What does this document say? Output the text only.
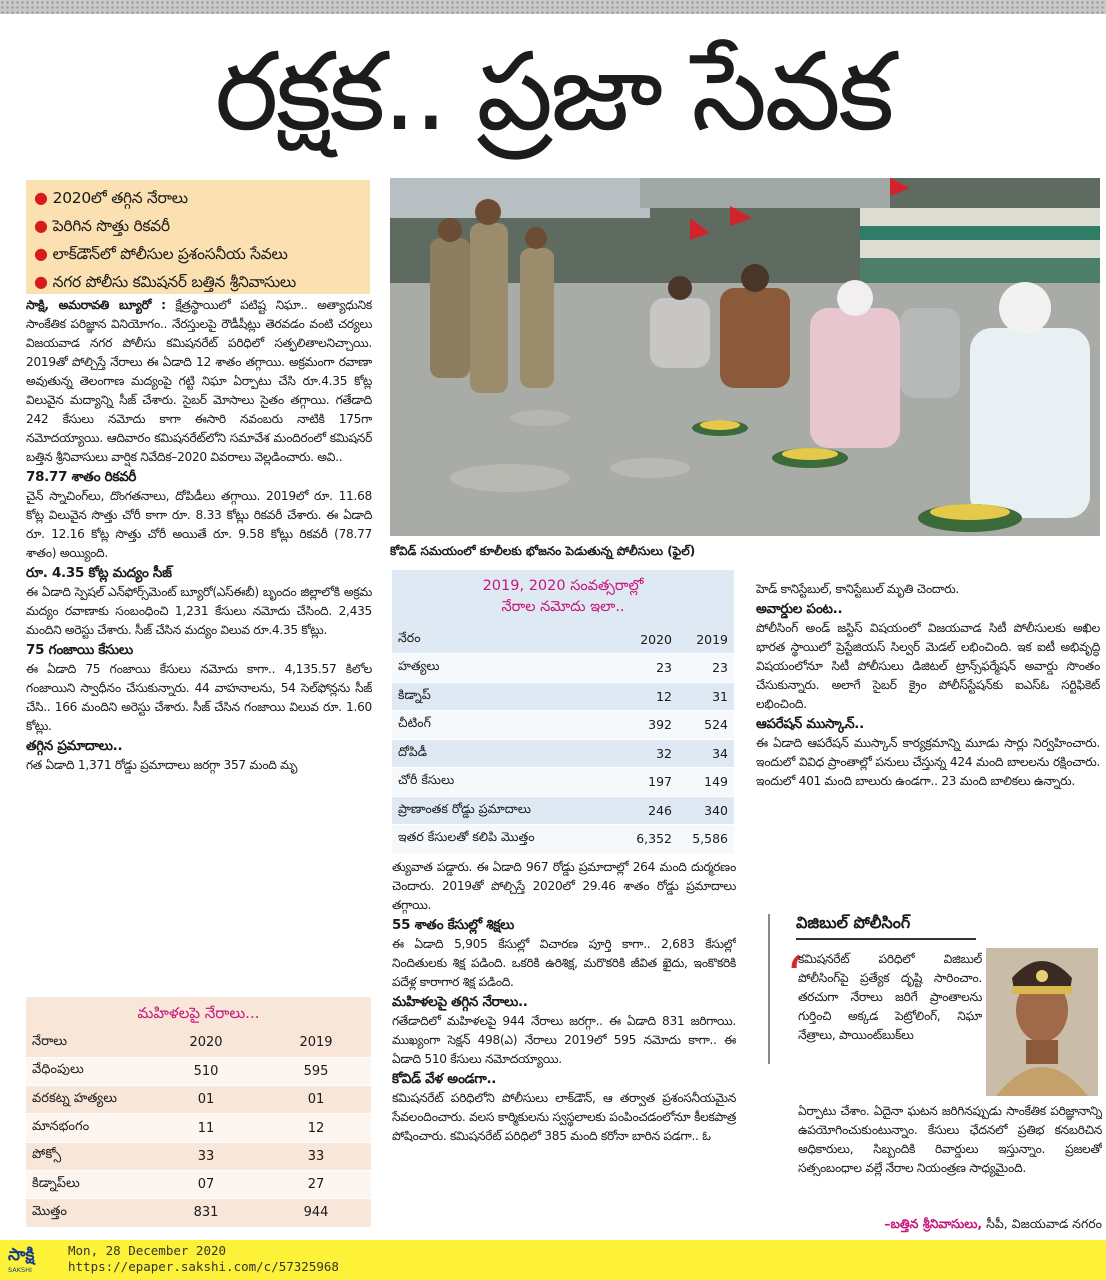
రక్షక.. ప్రజా సేవక
● 2020లో తగ్గిన నేరాలు
● పెరిగిన సొత్తు రికవరీ
● లాక్‌డౌన్‌లో పోలీసుల ప్రశంసనీయ సేవలు
● నగర పోలీసు కమిషనర్ బత్తిన శ్రీనివాసులు

సాక్షి, అమరావతి బ్యూరో : క్షేత్రస్థాయిలో పటిష్ట నిఘా.. అత్యాధునిక సాంకేతిక పరిజ్ఞాన వినియోగం.. నేరస్తులపై రౌడీషీట్లు తెరవడం వంటి చర్యలు విజయవాడ నగర పోలీసు కమిషనరేట్ పరిధిలో సత్ఫలితాలనిచ్చాయి. 2019తో పోల్చిస్తే నేరాలు ఈ ఏడాది 12 శాతం తగ్గాయి. అక్రమంగా రవాణా అవుతున్న తెలంగాణ మద్యంపై గట్టి నిఘా ఏర్పాటు చేసి రూ.4.35 కోట్ల విలువైన మద్యాన్ని సీజ్ చేశారు. సైబర్ మోసాలు సైతం తగ్గాయి. గతేడాది 242 కేసులు నమోదు కాగా ఈసారి నవంబరు నాటికి 175గా నమోదయ్యాయి. ఆదివారం కమిషనరేట్‌లోని సమావేశ మందిరంలో కమిషనర్ బత్తిన శ్రీనివాసులు వార్షిక నివేదిక–2020 వివరాలు వెల్లడించారు. అవి..

78.77 శాతం రికవరీ

చైన్ స్నాచింగ్‌లు, దొంగతనాలు, దోపిడీలు తగ్గాయి. 2019లో రూ. 11.68 కోట్ల విలువైన సొత్తు చోరీ కాగా రూ. 8.33 కోట్లు రికవరీ చేశారు. ఈ ఏడాది రూ. 12.16 కోట్ల సొత్తు చోరీ అయితే రూ. 9.58 కోట్లు రికవరీ (78.77 శాతం) అయ్యింది.

రూ. 4.35 కోట్ల మద్యం సీజ్

ఈ ఏడాది స్పెషల్ ఎన్‌ఫోర్స్‌మెంట్ బ్యూరో(ఎస్‌ఈబీ) బృందం జిల్లాలోకి అక్రమ మద్యం రవాణాకు సంబంధించి 1,231 కేసులు నమోదు చేసింది. 2,435 మందిని అరెస్టు చేశారు. సీజ్ చేసిన మద్యం విలువ రూ.4.35 కోట్లు.

75 గంజాయి కేసులు

ఈ ఏడాది 75 గంజాయి కేసులు నమోదు కాగా.. 4,135.57 కిలోల గంజాయిని స్వాధీనం చేసుకున్నారు. 44 వాహనాలను, 54 సెల్‌ఫోన్లను సీజ్ చేసి.. 166 మందిని అరెస్టు చేశారు. సీజ్ చేసిన గంజాయి విలువ రూ. 1.60 కోట్లు.

తగ్గిన ప్రమాదాలు..

గత ఏడాది 1,371 రోడ్డు ప్రమాదాలు జరగ్గా 357 మంది మృ

మహిళలపై నేరాలు...
నేరాలు	2020	2019
వేధింపులు	510	595
వరకట్న హత్యలు	01	01
మానభంగం	11	12
పోక్సో	33	33
కిడ్నాప్‌లు	07	27
మొత్తం	831	944
కోవిడ్ సమయంలో కూలీలకు భోజనం పెడుతున్న పోలీసులు (ఫైల్)
2019, 2020 సంవత్సరాల్లో
నేరాల నమోదు ఇలా..
నేరం	2020	2019
హత్యలు	23	23
కిడ్నాప్	12	31
చీటింగ్	392	524
దోపిడీ	32	34
చోరీ కేసులు	197	149
ప్రాణాంతక రోడ్డు ప్రమాదాలు	246	340
ఇతర కేసులతో కలిపి మొత్తం	6,352	5,586

త్యువాత పడ్డారు. ఈ ఏడాది 967 రోడ్డు ప్రమాదాల్లో 264 మంది దుర్మరణం చెందారు. 2019తో పోల్చిస్తే 2020లో 29.46 శాతం రోడ్డు ప్రమాదాలు తగ్గాయి.

55 శాతం కేసుల్లో శిక్షలు

ఈ ఏడాది 5,905 కేసుల్లో విచారణ పూర్తి కాగా.. 2,683 కేసుల్లో నిందితులకు శిక్ష పడింది. ఒకరికి ఉరిశిక్ష, మరొకరికి జీవిత ఖైదు, ఇంకొకరికి పదేళ్ల కారాగార శిక్ష పడింది.

మహిళలపై తగ్గిన నేరాలు..

గతేడాదిలో మహిళలపై 944 నేరాలు జరగ్గా.. ఈ ఏడాది 831 జరిగాయి. ముఖ్యంగా సెక్షన్ 498(ఎ) నేరాలు 2019లో 595 నమోదు కాగా.. ఈ ఏడాది 510 కేసులు నమోదయ్యాయి.

కోవిడ్ వేళ అండగా..

కమిషనరేట్ పరిధిలోని పోలీసులు లాక్‌డౌన్, ఆ తర్వాత ప్రశంసనీయమైన సేవలందించారు. వలస కార్మికులను స్వస్థలాలకు పంపించడంలోనూ కీలకపాత్ర పోషించారు. కమిషనరేట్ పరిధిలో 385 మంది కరోనా బారిన పడగా.. ఓ

హెడ్ కానిస్టేబుల్, కానిస్టేబుల్ మృతి చెందారు.

అవార్డుల పంట..

పోలీసింగ్ అండ్ జస్టిస్ విషయంలో విజయవాడ సిటీ పోలీసులకు అఖిల భారత స్థాయిలో ప్రెస్టేజియస్ సిల్వర్ మెడల్ లభించింది. ఇక ఐటీ అభివృద్ధి విషయంలోనూ సిటీ పోలీసులు డిజిటల్ ట్రాన్స్‌ఫర్మేషన్ అవార్డు సొంతం చేసుకున్నారు. అలాగే సైబర్ క్రైం పోలీస్‌స్టేషన్‌కు ఐఎస్‌ఓ సర్టిఫికెట్ లభించింది.

ఆపరేషన్ ముస్కాన్..

ఈ ఏడాది ఆపరేషన్ ముస్కాన్ కార్యక్రమాన్ని మూడు సార్లు నిర్వహించారు. ఇందులో వివిధ ప్రాంతాల్లో పనులు చేస్తున్న 424 మంది బాలలను రక్షించారు. ఇందులో 401 మంది బాలురు ఉండగా.. 23 మంది బాలికలు ఉన్నారు.

విజిబుల్ పోలీసింగ్
‘
కమిషనరేట్ పరిధిలో విజిబుల్ పోలీసింగ్‌పై ప్రత్యేక దృష్టి సారించాం. తరచుగా నేరాలు జరిగే ప్రాంతాలను గుర్తించి అక్కడ పెట్రోలింగ్, నిఘా నేత్రాలు, పాయింట్‌బుక్‌లు
ఏర్పాటు చేశాం. ఏదైనా ఘటన జరిగినప్పుడు సాంకేతిక పరిజ్ఞానాన్ని ఉపయోగించుకుంటున్నాం. కేసులు ఛేదనలో ప్రతిభ కనబరిచిన అధికారులు, సిబ్బందికి రివార్డులు ఇస్తున్నాం. ప్రజలతో సత్సంబంధాల వల్లే నేరాల నియంత్రణ సాధ్యమైంది.
–బత్తిన శ్రీనివాసులు, సీపీ, విజయవాడ నగరం
సాక్షి
SAKSHI
Mon, 28 December 2020
https://epaper.sakshi.com/c/57325968
